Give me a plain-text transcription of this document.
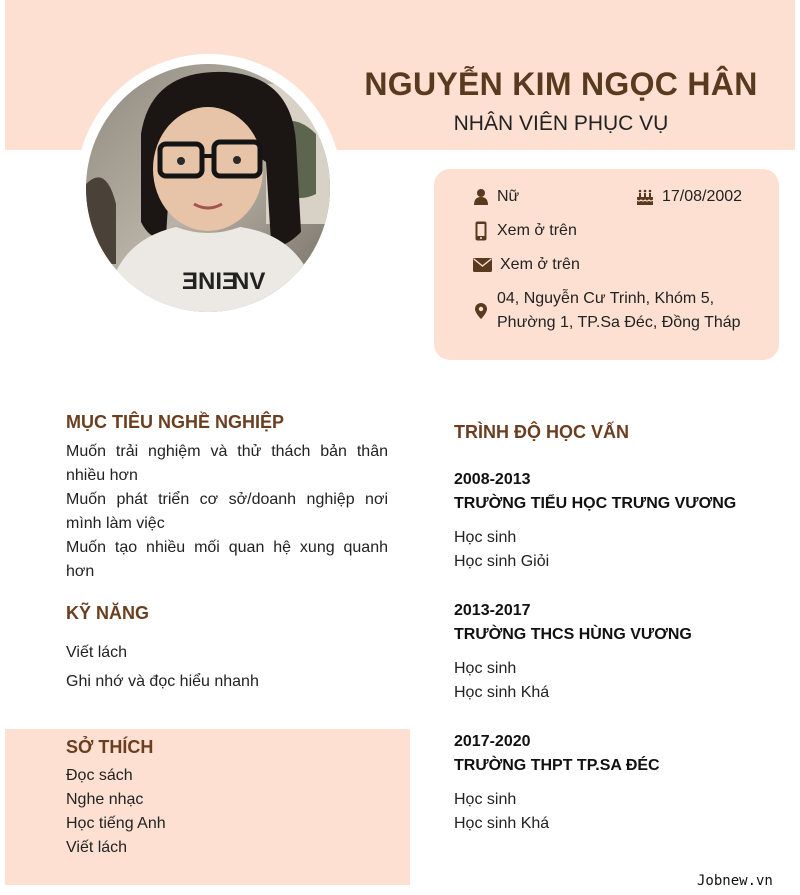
ƎNIƎ
NV
NGUYỄN KIM NGỌC HÂN
NHÂN VIÊN PHỤC VỤ
Nữ	17/08/2002
Xem ở trên
Xem ở trên
04, Nguyễn Cư Trinh, Khóm 5,
Phường 1, TP.Sa Đéc, Đồng Tháp
MỤC TIÊU NGHỀ NGHIỆP
Muốn trải nghiệm và thử thách bản thân nhiều hơn
Muốn phát triển cơ sở/doanh nghiệp nơi mình làm việc
Muốn tạo nhiều mối quan hệ xung quanh hơn
KỸ NĂNG
Viết lách
Ghi nhớ và đọc hiểu nhanh
SỞ THÍCH
Đọc sách
Nghe nhạc
Học tiếng Anh
Viết lách
TRÌNH ĐỘ HỌC VẤN
2008-2013
TRƯỜNG TIỂU HỌC TRƯNG VƯƠNG
Học sinh
Học sinh Giỏi
2013-2017
TRƯỜNG THCS HÙNG VƯƠNG
Học sinh
Học sinh Khá
2017-2020
TRƯỜNG THPT TP.SA ĐÉC
Học sinh
Học sinh Khá
Jobnew.vn
